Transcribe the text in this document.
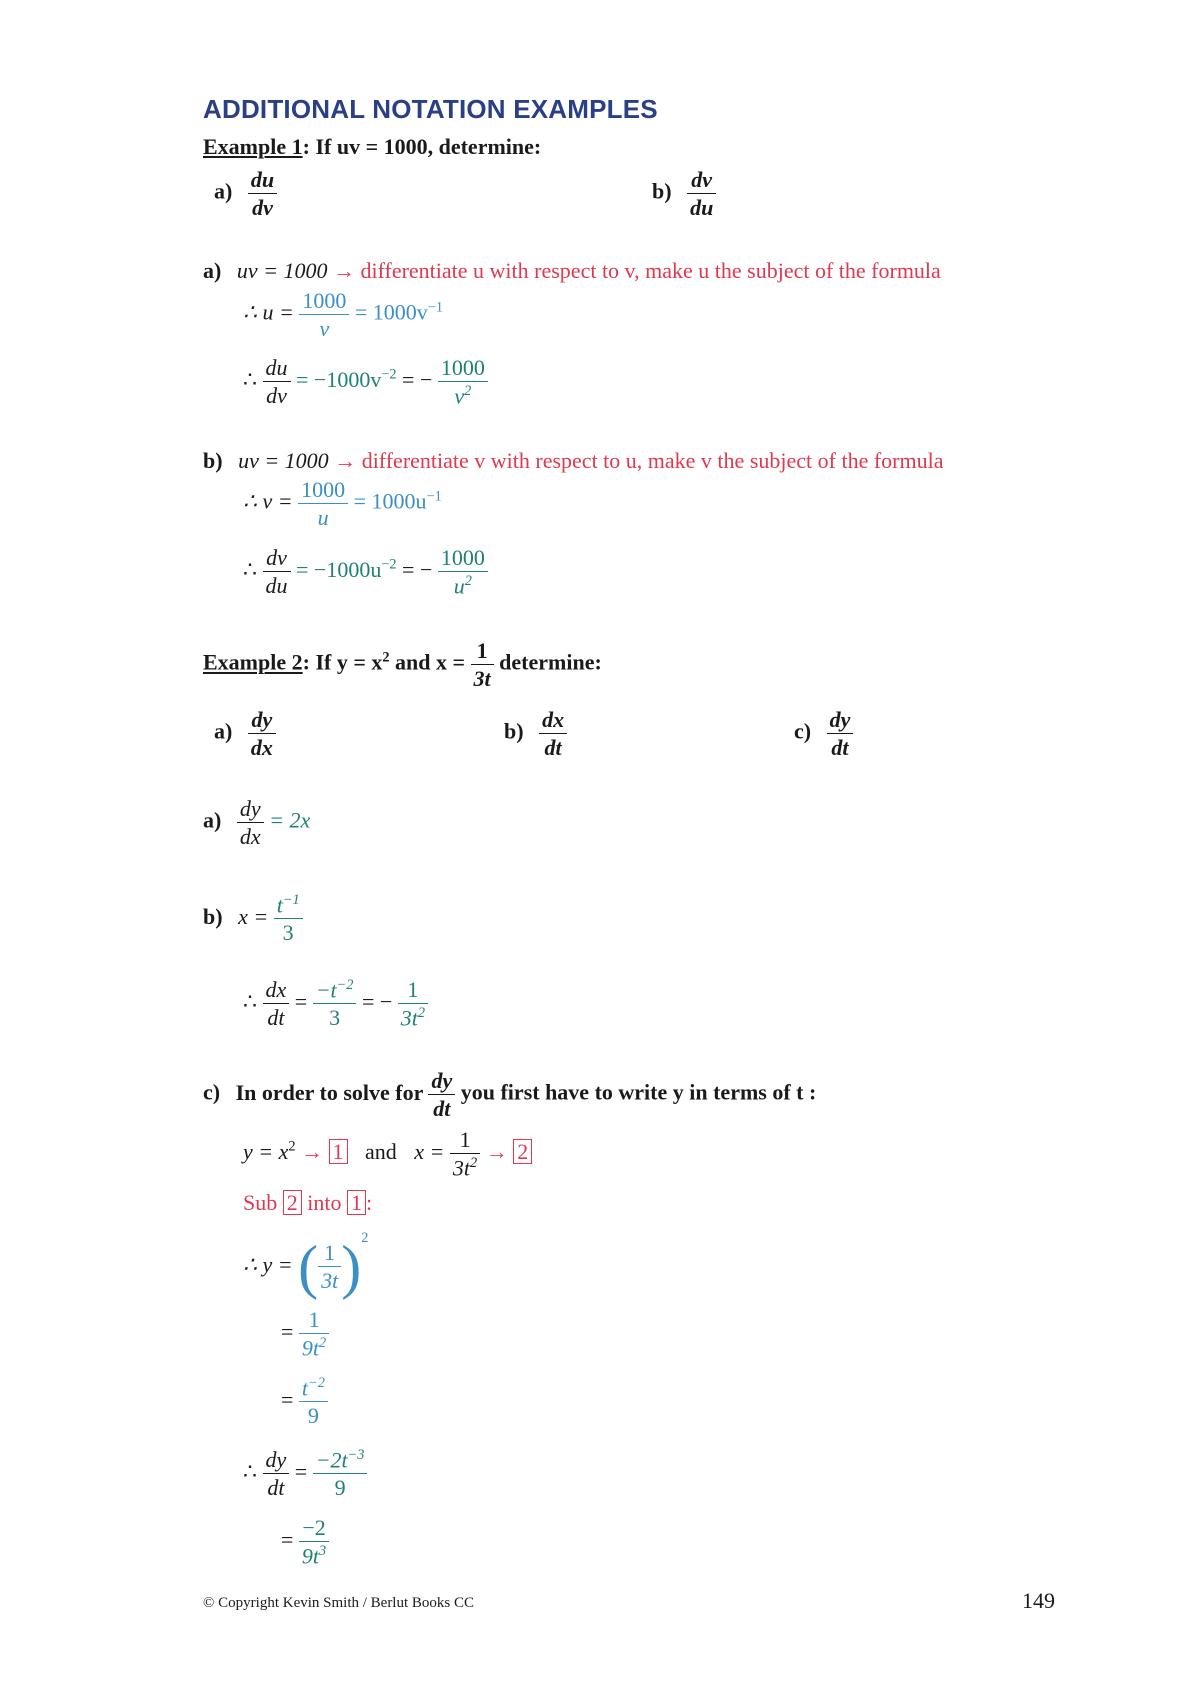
ADDITIONAL NOTATION EXAMPLES
Example 1: If uv = 1000, determine:
$a) \frac{du}{dv}$	$b) \frac{dv}{du}$
a) uv = 1000 → differentiate u with respect to v, make u the subject of the formula
∴ $u = \frac{1000}{v} = 1000v^{-1}$
∴ $\frac{du}{dv} = -1000v^{-2}$ = − $\frac{1000}{v^2}$
b) uv = 1000 → differentiate v with respect to u, make v the subject of the formula
∴ $v = \frac{1000}{u} = 1000u^{-1}$
∴ $\frac{dv}{du} = -1000u^{-2}$ = − $\frac{1000}{u^2}$
Example 2: If $y = x^2$ and $x = \frac{1}{3t}$ determine:
$a) \frac{dy}{dx}$	$b) \frac{dx}{dt}$	$c) \frac{dy}{dt}$
$a) \frac{dy}{dx} = 2x$
b) $x = \frac{t^{-1}}{3}$
∴ $\frac{dx}{dt} = \frac{-t^{-2}}{3}$ = − $\frac{1}{3t^2}$
c) In order to solve for $\frac{dy}{dt}$ you first have to write y in terms of t :
$y = x^2 \to 1$ and $x = \frac{1}{3t^2} \to 2$
Sub 2 into 1 :
∴ y = ( $\frac{1}{3t} )^2$
= $\frac{1}{9t^2}$
= $\frac{t^{-2}}{9}$
∴ $\frac{dy}{dt} = \frac{-2t^{-3}}{9}$
= $\frac{-2}{9t^3}$
© Copyright Kevin Smith / Berlut Books CC	149
